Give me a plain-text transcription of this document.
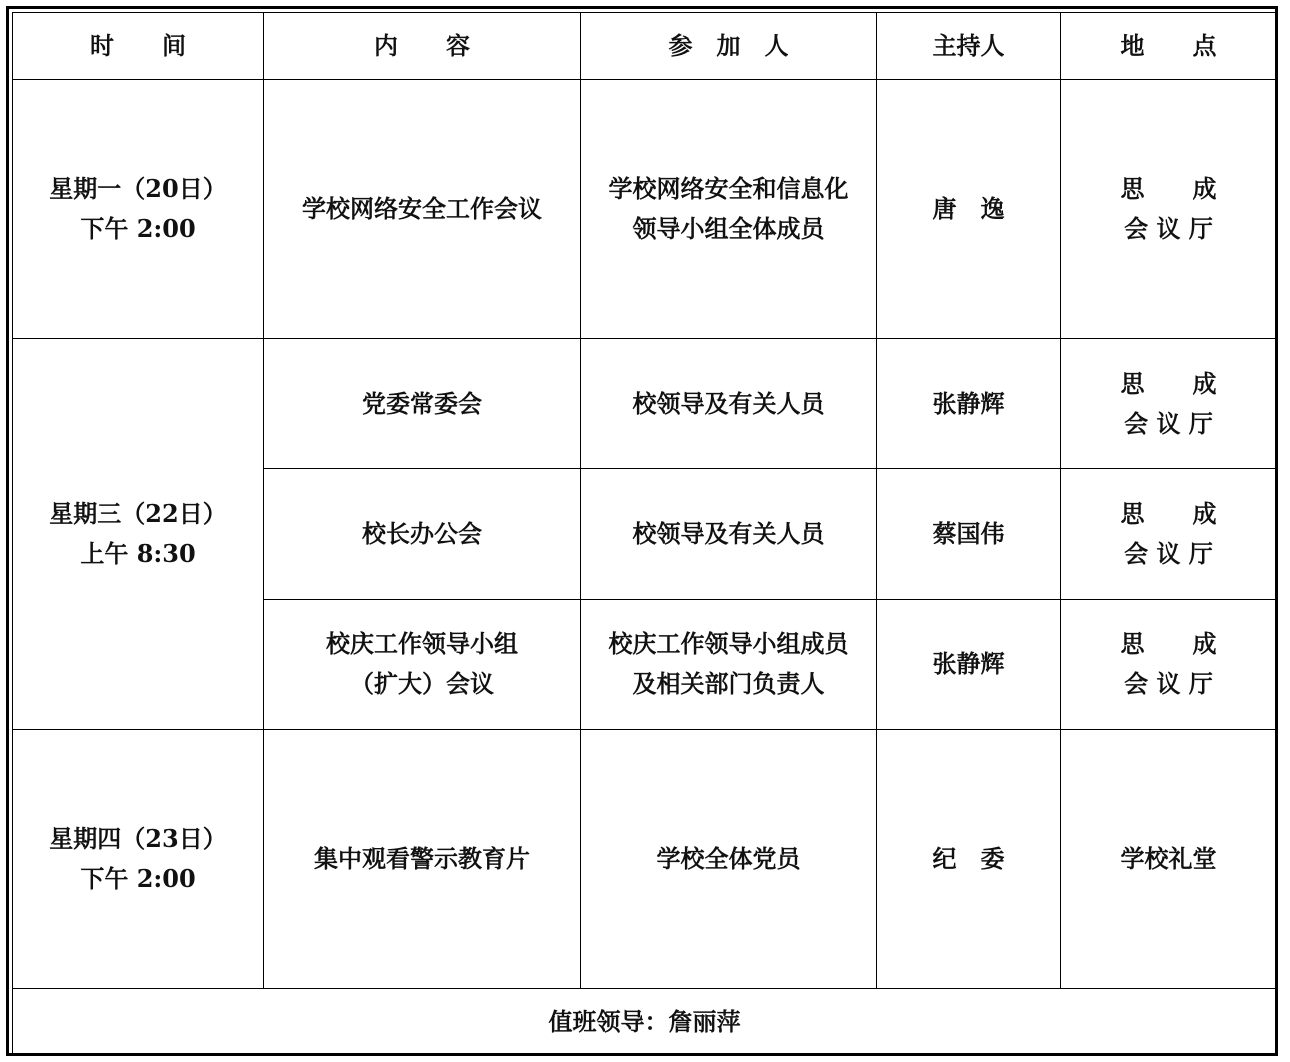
时　　间	内　　容	参　加　人	主持人	地　　点

星期一（20日）
下午 2:00	学校网络安全工作会议	学校网络安全和信息化
领导小组全体成员	唐　逸	思　　成
会 议 厅

星期三（22日）
上午 8:30	党委常委会	校领导及有关人员	张静辉	思　　成
会 议 厅

	校长办公会	校领导及有关人员	蔡国伟	思　　成
会 议 厅

	校庆工作领导小组
（扩大）会议	校庆工作领导小组成员
及相关部门负责人	张静辉	思　　成
会 议 厅

星期四（23日）
下午 2:00	集中观看警示教育片	学校全体党员	纪　委	学校礼堂

值班领导：詹丽萍				
